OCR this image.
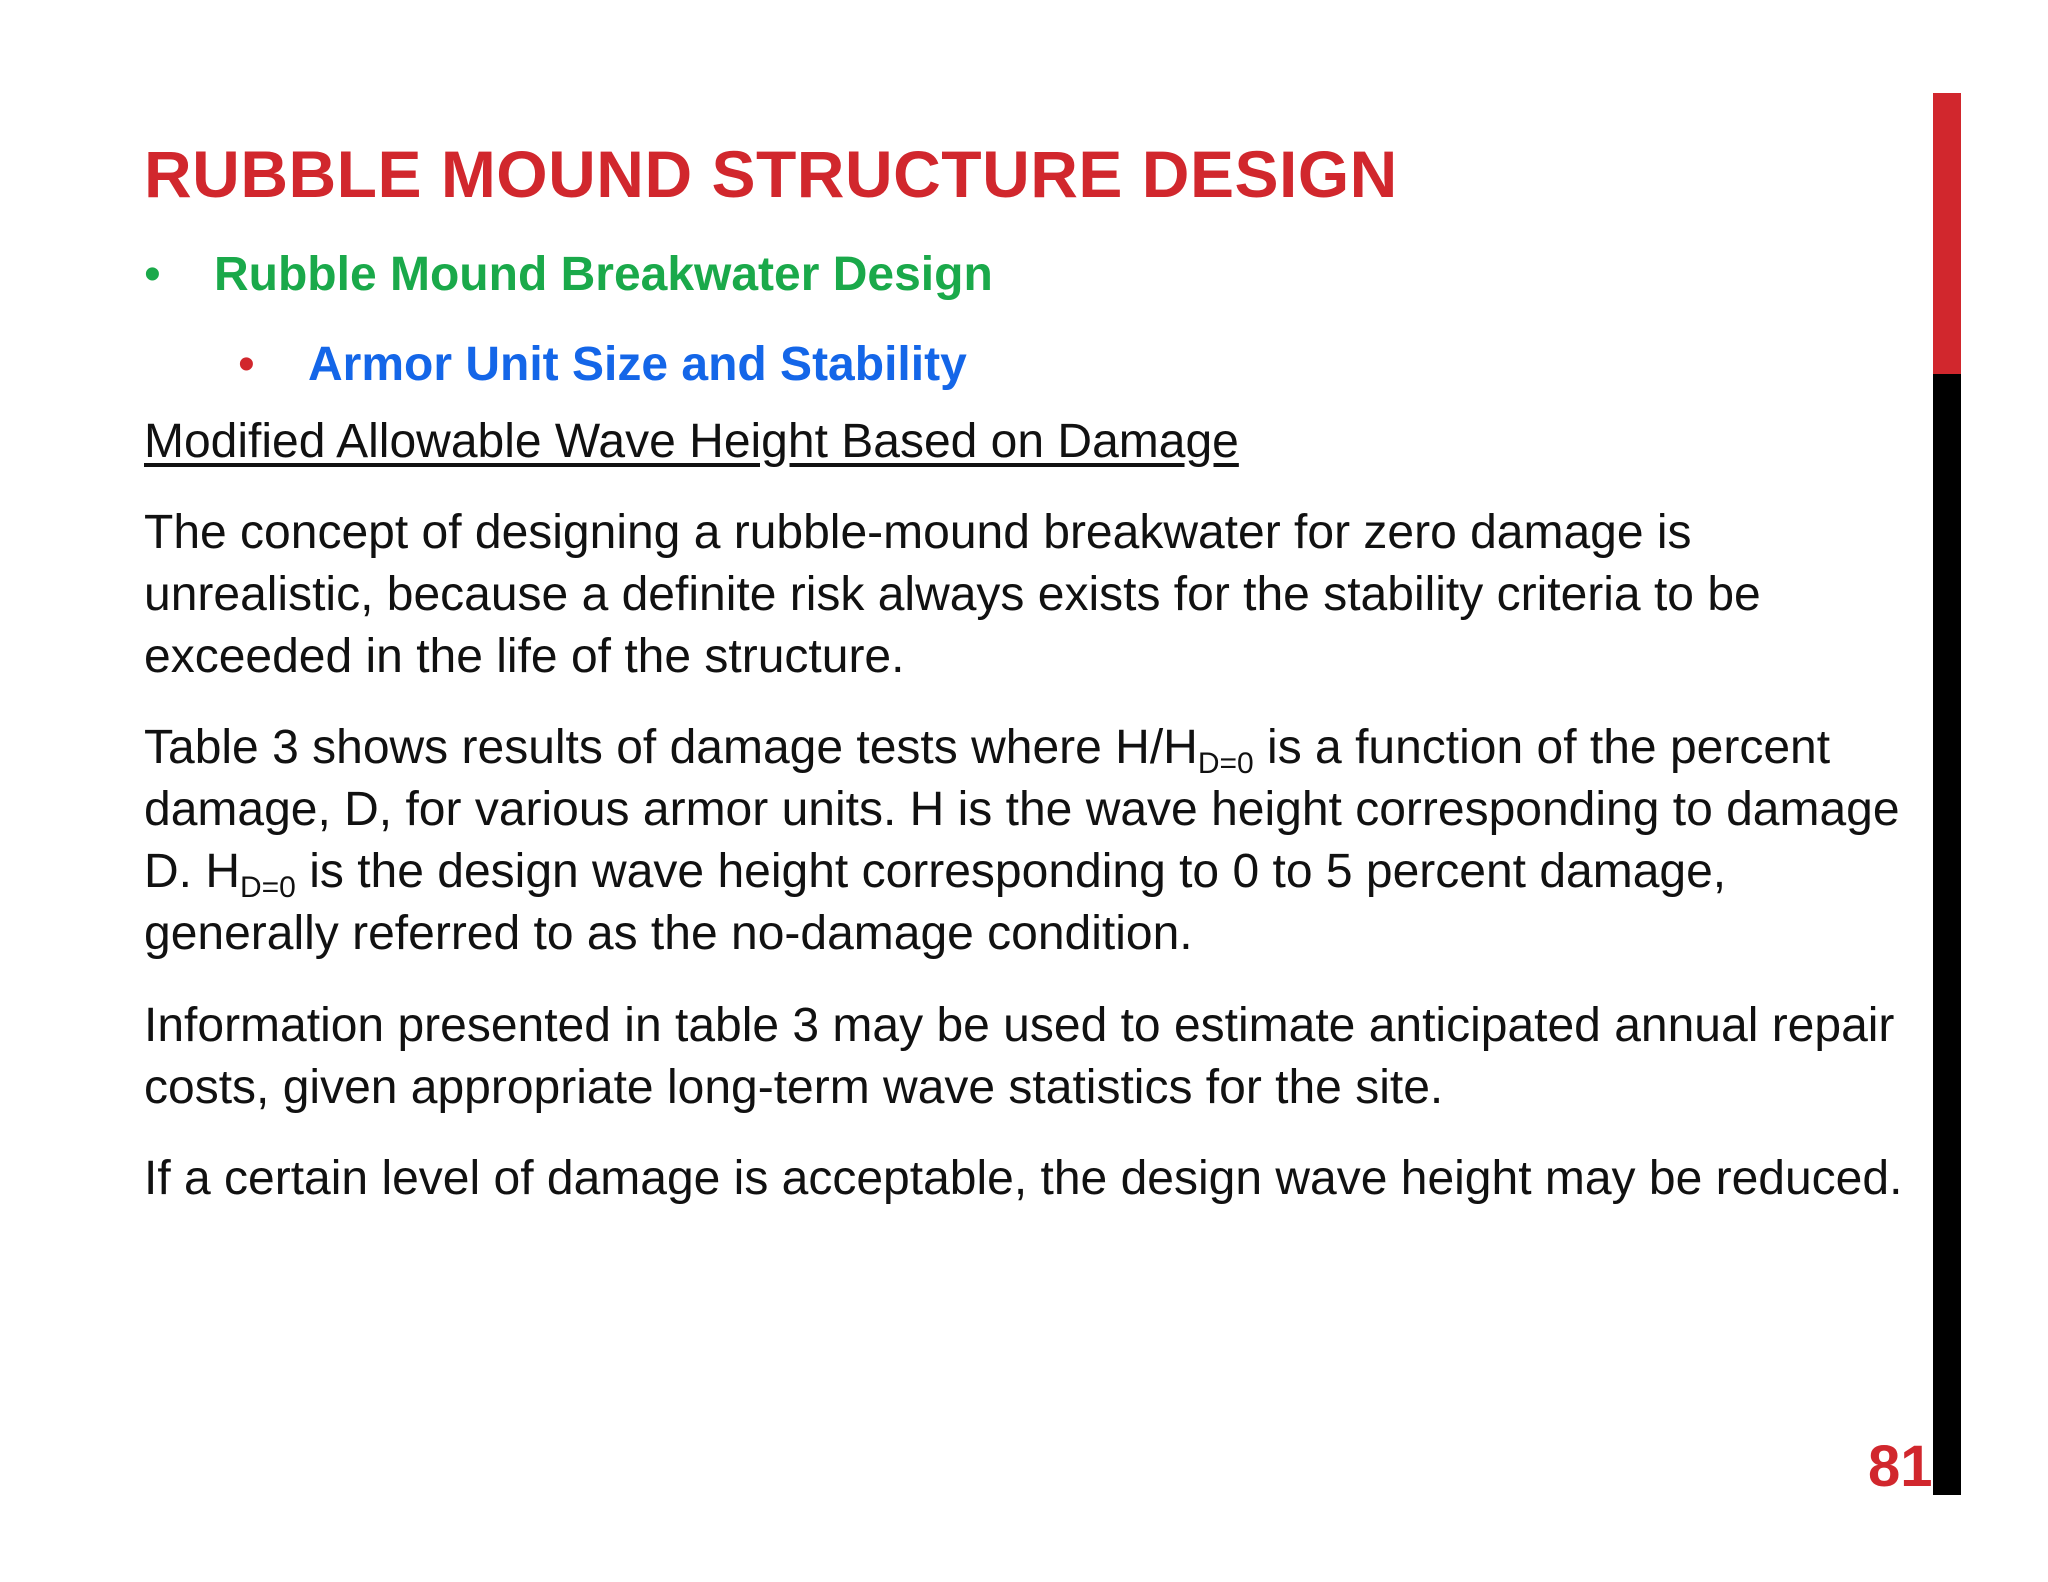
RUBBLE MOUND STRUCTURE DESIGN
• Rubble Mound Breakwater Design
• Armor Unit Size and Stability
Modified Allowable Wave Height Based on Damage

The concept of designing a rubble-mound breakwater for zero damage is unrealistic, because a definite risk always exists for the stability criteria to be exceeded in the life of the structure.

Table 3 shows results of damage tests where $H/H_{D=0}$ is a function of the percent damage, D, for various armor units. H is the wave height corresponding to damage D. $H_{D=0}$ is the design wave height corresponding to 0 to 5 percent damage, generally referred to as the no-damage condition.

Information presented in table 3 may be used to estimate anticipated annual repair costs, given appropriate long-term wave statistics for the site.

If a certain level of damage is acceptable, the design wave height may be reduced.

81
